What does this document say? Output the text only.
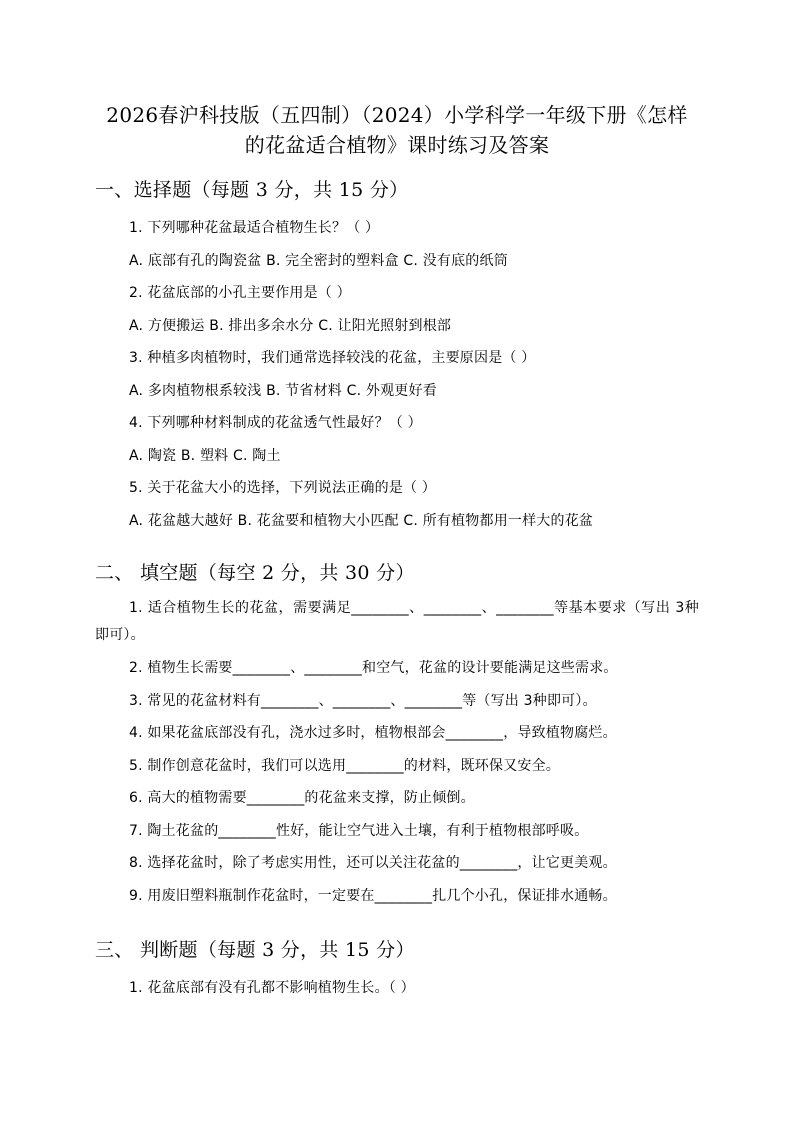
2026春沪科技版（五四制）（2024）小学科学一年级下册《怎样
的花盆适合植物》课时练习及答案
一、选择题（每题 3 分，共 15 分）
1. 下列哪种花盆最适合植物生长？（ ）
A. 底部有孔的陶瓷盆 B. 完全密封的塑料盒 C. 没有底的纸筒
2. 花盆底部的小孔主要作用是（ ）
A. 方便搬运 B. 排出多余水分 C. 让阳光照射到根部
3. 种植多肉植物时，我们通常选择较浅的花盆，主要原因是（ ）
A. 多肉植物根系较浅 B. 节省材料 C. 外观更好看
4. 下列哪种材料制成的花盆透气性最好？（ ）
A. 陶瓷 B. 塑料 C. 陶土
5. 关于花盆大小的选择，下列说法正确的是（ ）
A. 花盆越大越好 B. 花盆要和植物大小匹配 C. 所有植物都用一样大的花盆
二、 填空题（每空 2 分，共 30 分）
1. 适合植物生长的花盆，需要满足________、________、________等基本要求（写出 3种即可）。
2. 植物生长需要________、________和空气，花盆的设计要能满足这些需求。
3. 常见的花盆材料有________、________、________等（写出 3种即可）。
4. 如果花盆底部没有孔，浇水过多时，植物根部会________，导致植物腐烂。
5. 制作创意花盆时，我们可以选用________的材料，既环保又安全。
6. 高大的植物需要________的花盆来支撑，防止倾倒。
7. 陶土花盆的________性好，能让空气进入土壤，有利于植物根部呼吸。
8. 选择花盆时，除了考虑实用性，还可以关注花盆的________，让它更美观。
9. 用废旧塑料瓶制作花盆时，一定要在________扎几个小孔，保证排水通畅。
三、 判断题（每题 3 分，共 15 分）
1. 花盆底部有没有孔都不影响植物生长。（ ）
